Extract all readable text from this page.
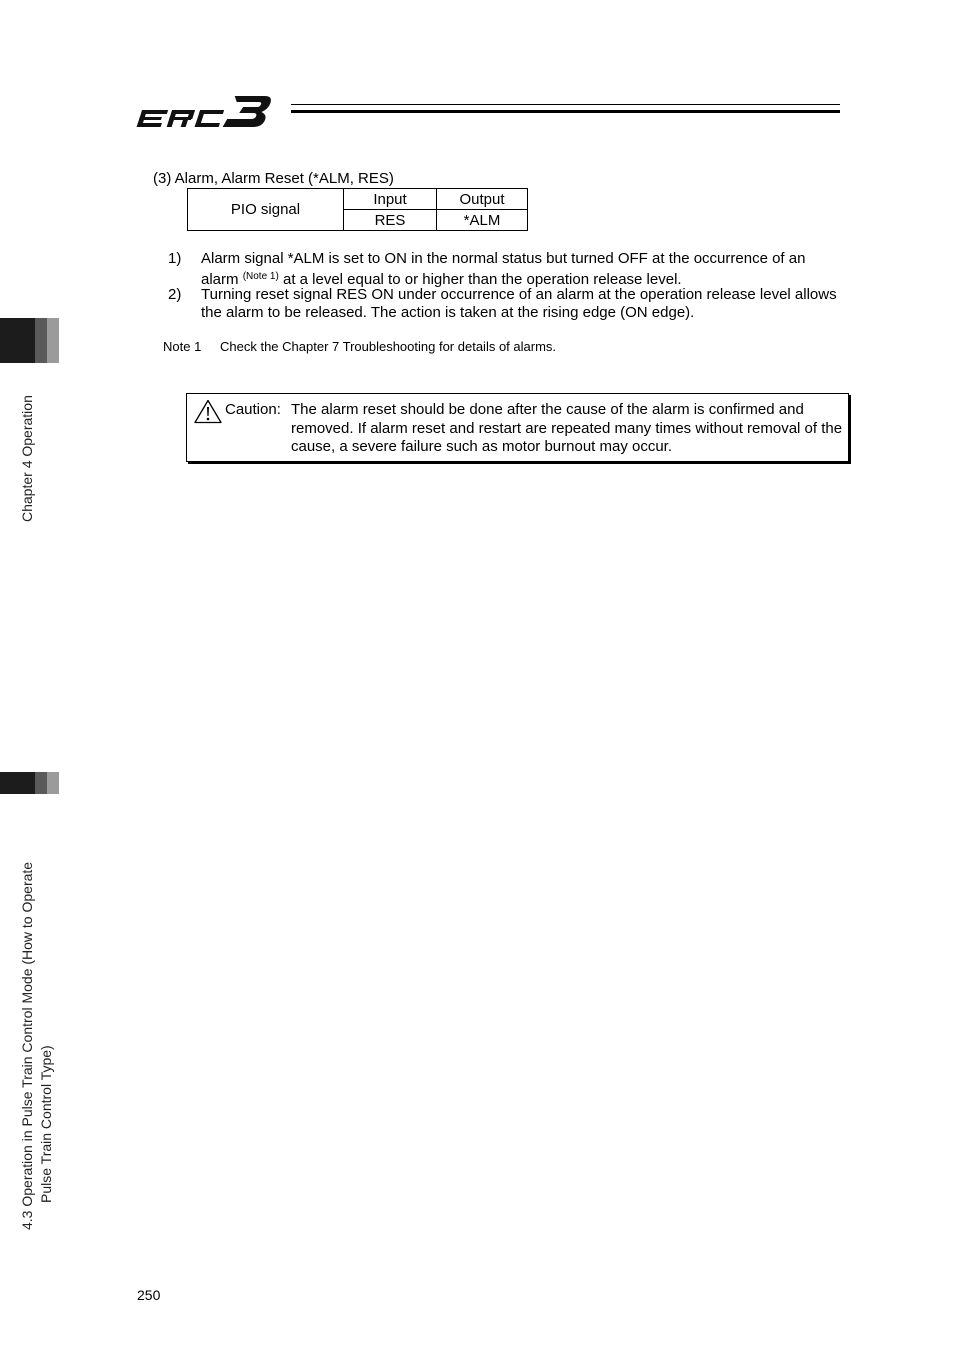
Chapter 4 Operation
4.3 Operation in Pulse Train Control Mode (How to Operate Pulse Train Control Type)
(3) Alarm, Alarm Reset (*ALM, RES)
PIO signal	Input	Output
	RES	*ALM
1) Alarm signal *ALM is set to ON in the normal status but turned OFF at the occurrence of an alarm $^{(Note 1)}$ at a level equal to or higher than the operation release level.
2) Turning reset signal RES ON under occurrence of an alarm at the operation release level allows the alarm to be released. The action is taken at the rising edge (ON edge).
Note 1 Check the Chapter 7 Troubleshooting for details of alarms.
Caution: The alarm reset should be done after the cause of the alarm is confirmed and removed. If alarm reset and restart are repeated many times without removal of the cause, a severe failure such as motor burnout may occur.
250
